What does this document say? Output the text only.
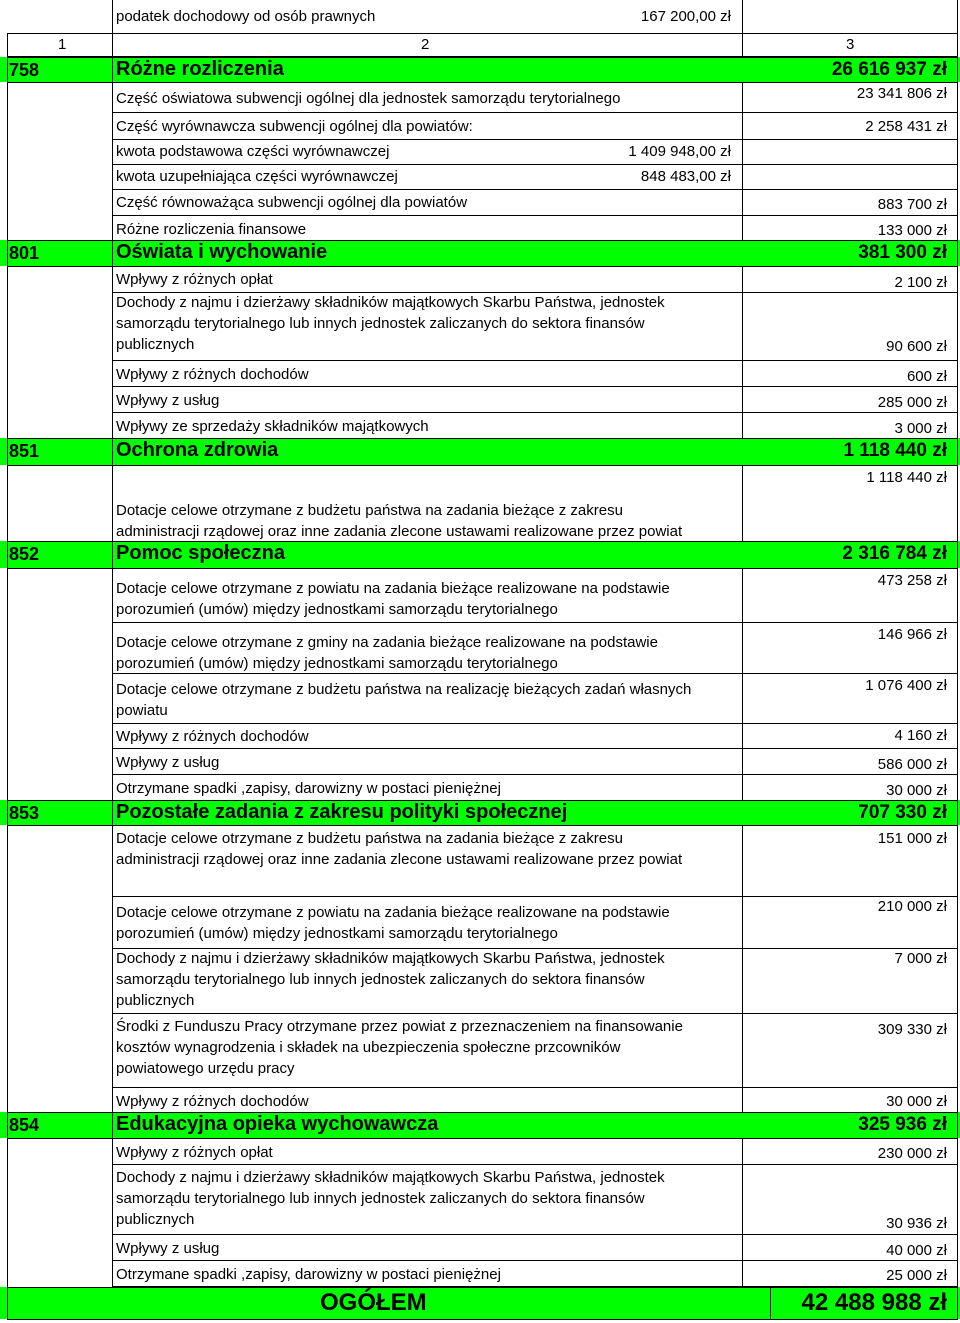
podatek dochodowy od osób prawnych	167 200,00 zł
1	2	3
758	Różne rozliczenia	26 616 937 zł
Część oświatowa subwencji ogólnej dla jednostek samorządu terytorialnego	23 341 806 zł
Część wyrównawcza subwencji ogólnej dla powiatów:	2 258 431 zł
kwota podstawowa części wyrównawczej	1 409 948,00 zł
kwota uzupełniająca części wyrównawczej	848 483,00 zł
Część równoważąca subwencji ogólnej dla powiatów	883 700 zł
Różne rozliczenia finansowe	133 000 zł
801	Oświata i wychowanie	381 300 zł
Wpływy z różnych opłat	2 100 zł
Dochody z najmu i dzierżawy składników majątkowych Skarbu Państwa, jednostek
samorządu terytorialnego lub innych jednostek zaliczanych do sektora finansów
publicznych	90 600 zł
Wpływy z różnych dochodów	600 zł
Wpływy z usług	285 000 zł
Wpływy ze sprzedaży składników majątkowych	3 000 zł
851	Ochrona zdrowia	1 118 440 zł
Dotacje celowe otrzymane z budżetu państwa na zadania bieżące z zakresu
administracji rządowej oraz inne zadania zlecone ustawami realizowane przez powiat
1 118 440 zł
852	Pomoc społeczna	2 316 784 zł
Dotacje celowe otrzymane z powiatu na zadania bieżące realizowane na podstawie
porozumień (umów) między jednostkami samorządu terytorialnego
473 258 zł
Dotacje celowe otrzymane z gminy na zadania bieżące realizowane na podstawie
porozumień (umów) między jednostkami samorządu terytorialnego
146 966 zł
Dotacje celowe otrzymane z budżetu państwa na realizację bieżących zadań własnych
powiatu
1 076 400 zł
Wpływy z różnych dochodów	4 160 zł
Wpływy z usług	586 000 zł
Otrzymane spadki ,zapisy, darowizny w postaci pieniężnej	30 000 zł
853	Pozostałe zadania z zakresu polityki społecznej	707 330 zł
Dotacje celowe otrzymane z budżetu państwa na zadania bieżące z zakresu
administracji rządowej oraz inne zadania zlecone ustawami realizowane przez powiat
151 000 zł
Dotacje celowe otrzymane z powiatu na zadania bieżące realizowane na podstawie
porozumień (umów) między jednostkami samorządu terytorialnego
210 000 zł
Dochody z najmu i dzierżawy składników majątkowych Skarbu Państwa, jednostek
samorządu terytorialnego lub innych jednostek zaliczanych do sektora finansów
publicznych
7 000 zł
Środki z Funduszu Pracy otrzymane przez powiat z przeznaczeniem na finansowanie
kosztów wynagrodzenia i składek na ubezpieczenia społeczne przcowników
powiatowego urzędu pracy
309 330 zł
Wpływy z różnych dochodów	30 000 zł
854	Edukacyjna opieka wychowawcza	325 936 zł
Wpływy z różnych opłat	230 000 zł
Dochody z najmu i dzierżawy składników majątkowych Skarbu Państwa, jednostek
samorządu terytorialnego lub innych jednostek zaliczanych do sektora finansów
publicznych	30 936 zł
Wpływy z usług	40 000 zł
Otrzymane spadki ,zapisy, darowizny w postaci pieniężnej	25 000 zł
OGÓŁEM	42 488 988 zł
